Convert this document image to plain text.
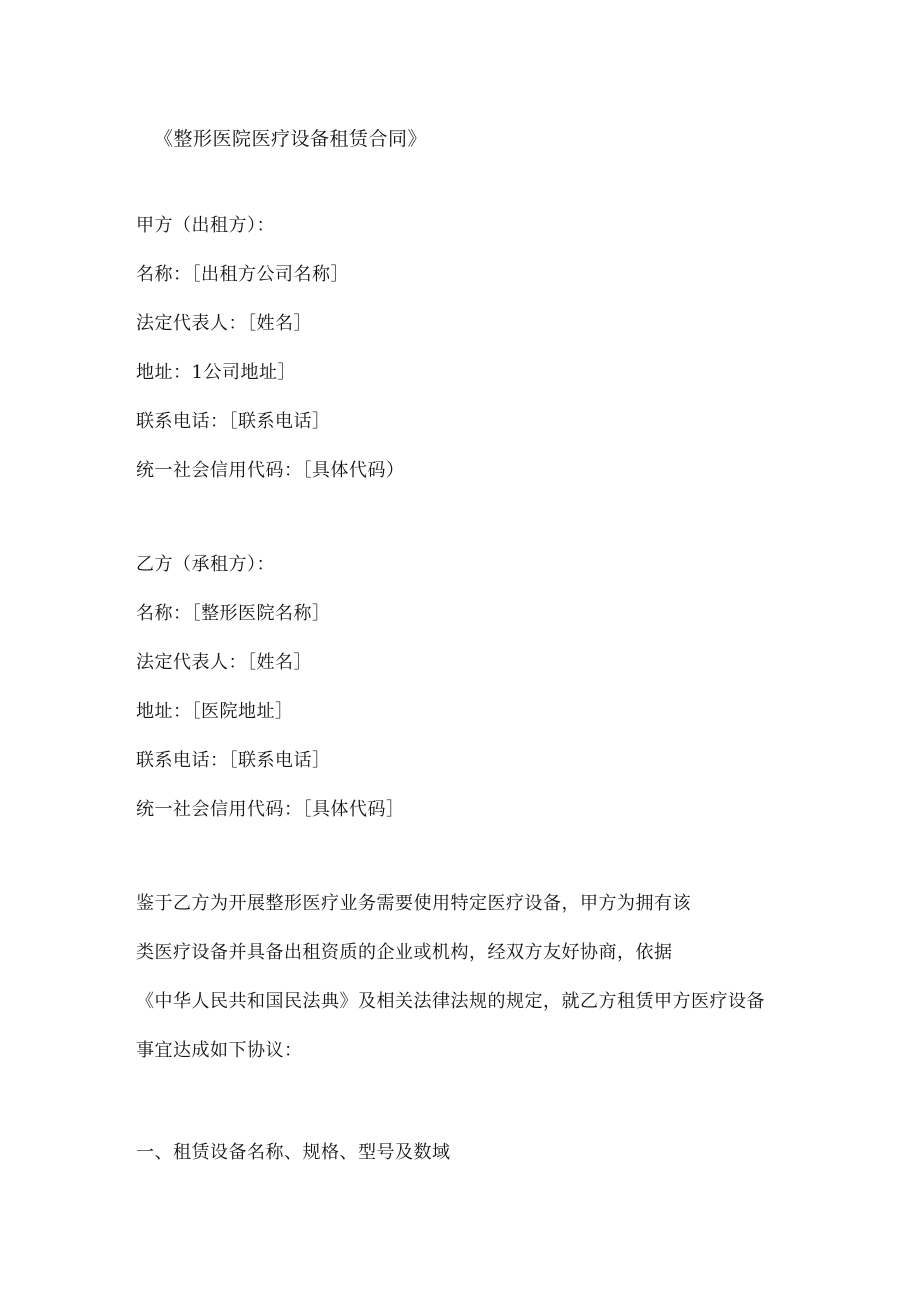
《整形医院医疗设备租赁合同》
甲方（出租方）：
名称：［出租方公司名称］
法定代表人：［姓名］
地址：1公司地址］
联系电话：［联系电话］
统一社会信用代码：［具体代码）
乙方（承租方）：
名称：［整形医院名称］
法定代表人：［姓名］
地址：［医院地址］
联系电话：［联系电话］
统一社会信用代码：［具体代码］
鉴于乙方为开展整形医疗业务需要使用特定医疗设备，甲方为拥有该
类医疗设备并具备出租资质的企业或机构，经双方友好协商，依据
《中华人民共和国民法典》及相关法律法规的规定，就乙方租赁甲方医疗设备
事宜达成如下协议：
一、租赁设备名称、规格、型号及数域
